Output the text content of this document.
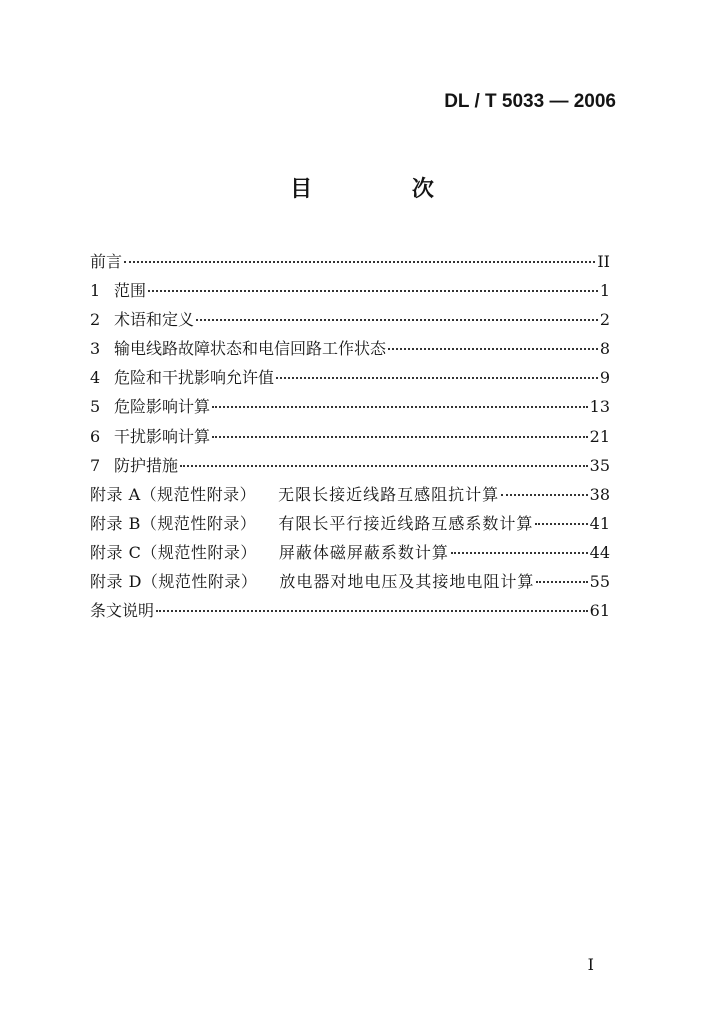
DL / T 5033 — 2006
目 次
前言	II
1 范围	1
2 术语和定义	2
3 输电线路故障状态和电信回路工作状态	8
4 危险和干扰影响允许值	9
5 危险影响计算	13
6 干扰影响计算	21
7 防护措施	35
附录 A（规范性附录）	无限长接近线路互感阻抗计算	38
附录 B（规范性附录）	有限长平行接近线路互感系数计算	41
附录 C（规范性附录）	屏蔽体磁屏蔽系数计算	44
附录 D（规范性附录）	放电器对地电压及其接地电阻计算	55
条文说明	61
I
